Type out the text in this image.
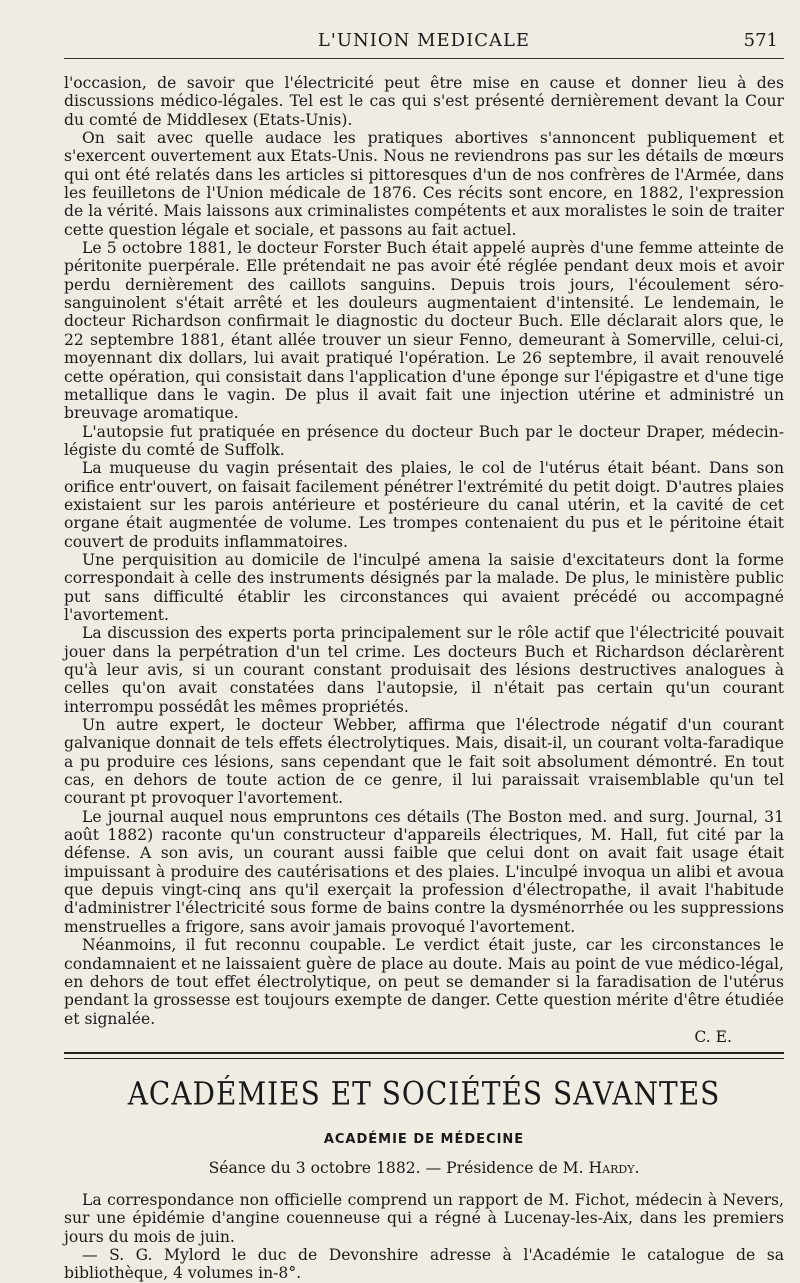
L'UNION MEDICALE	571

l'occasion, de savoir que l'électricité peut être mise en cause et donner lieu à des discussions médico-légales. Tel est le cas qui s'est présenté dernièrement devant la Cour du comté de Middlesex (Etats-Unis).

On sait avec quelle audace les pratiques abortives s'annoncent publiquement et s'exercent ouvertement aux Etats-Unis. Nous ne reviendrons pas sur les détails de mœurs qui ont été relatés dans les articles si pittoresques d'un de nos confrères de l'Armée, dans les feuilletons de l'Union médicale de 1876. Ces récits sont encore, en 1882, l'expression de la vérité. Mais laissons aux criminalistes compétents et aux moralistes le soin de traiter cette question légale et sociale, et passons au fait actuel.

Le 5 octobre 1881, le docteur Forster Buch était appelé auprès d'une femme atteinte de péritonite puerpérale. Elle prétendait ne pas avoir été réglée pendant deux mois et avoir perdu dernièrement des caillots sanguins. Depuis trois jours, l'écoulement séro-sanguinolent s'était arrêté et les douleurs augmentaient d'intensité. Le lendemain, le docteur Richardson confirmait le diagnostic du docteur Buch. Elle déclarait alors que, le 22 septembre 1881, étant allée trouver un sieur Fenno, demeurant à Somerville, celui-ci, moyennant dix dollars, lui avait pratiqué l'opération. Le 26 septembre, il avait renouvelé cette opération, qui consistait dans l'application d'une éponge sur l'épigastre et d'une tige metallique dans le vagin. De plus il avait fait une injection utérine et administré un breuvage aromatique.

L'autopsie fut pratiquée en présence du docteur Buch par le docteur Draper, médecin-légiste du comté de Suffolk.

La muqueuse du vagin présentait des plaies, le col de l'utérus était béant. Dans son orifice entr'ouvert, on faisait facilement pénétrer l'extrémité du petit doigt. D'autres plaies existaient sur les parois antérieure et postérieure du canal utérin, et la cavité de cet organe était augmentée de volume. Les trompes contenaient du pus et le péritoine était couvert de produits inflammatoires.

Une perquisition au domicile de l'inculpé amena la saisie d'excitateurs dont la forme correspondait à celle des instruments désignés par la malade. De plus, le ministère public put sans difficulté établir les circonstances qui avaient précédé ou accompagné l'avortement.

La discussion des experts porta principalement sur le rôle actif que l'électricité pouvait jouer dans la perpétration d'un tel crime. Les docteurs Buch et Richardson déclarèrent qu'à leur avis, si un courant constant produisait des lésions destructives analogues à celles qu'on avait constatées dans l'autopsie, il n'était pas certain qu'un courant interrompu possédât les mêmes propriétés.

Un autre expert, le docteur Webber, affirma que l'électrode négatif d'un courant galvanique donnait de tels effets électrolytiques. Mais, disait-il, un courant volta-faradique a pu produire ces lésions, sans cependant que le fait soit absolument démontré. En tout cas, en dehors de toute action de ce genre, il lui paraissait vraisemblable qu'un tel courant pt provoquer l'avortement.

Le journal auquel nous empruntons ces détails (The Boston med. and surg. Journal, 31 août 1882) raconte qu'un constructeur d'appareils électriques, M. Hall, fut cité par la défense. A son avis, un courant aussi faible que celui dont on avait fait usage était impuissant à produire des cautérisations et des plaies. L'inculpé invoqua un alibi et avoua que depuis vingt-cinq ans qu'il exerçait la profession d'électropathe, il avait l'habitude d'administrer l'électricité sous forme de bains contre la dysménorrhée ou les suppressions menstruelles a frigore, sans avoir jamais provoqué l'avortement.

Néanmoins, il fut reconnu coupable. Le verdict était juste, car les circonstances le condamnaient et ne laissaient guère de place au doute. Mais au point de vue médico-légal, en dehors de tout effet électrolytique, on peut se demander si la faradisation de l'utérus pendant la grossesse est toujours exempte de danger. Cette question mérite d'être étudiée et signalée.

C. E.
ACADÉMIES ET SOCIÉTÉS SAVANTES
ACADÉMIE DE MÉDECINE
Séance du 3 octobre 1882. — Présidence de M. Hardy.

La correspondance non officielle comprend un rapport de M. Fichot, médecin à Nevers, sur une épidémie d'angine couenneuse qui a régné à Lucenay-les-Aix, dans les premiers jours du mois de juin.

— S. G. Mylord le duc de Devonshire adresse à l'Académie le catalogue de sa bibliothèque, 4 volumes in-8°.
